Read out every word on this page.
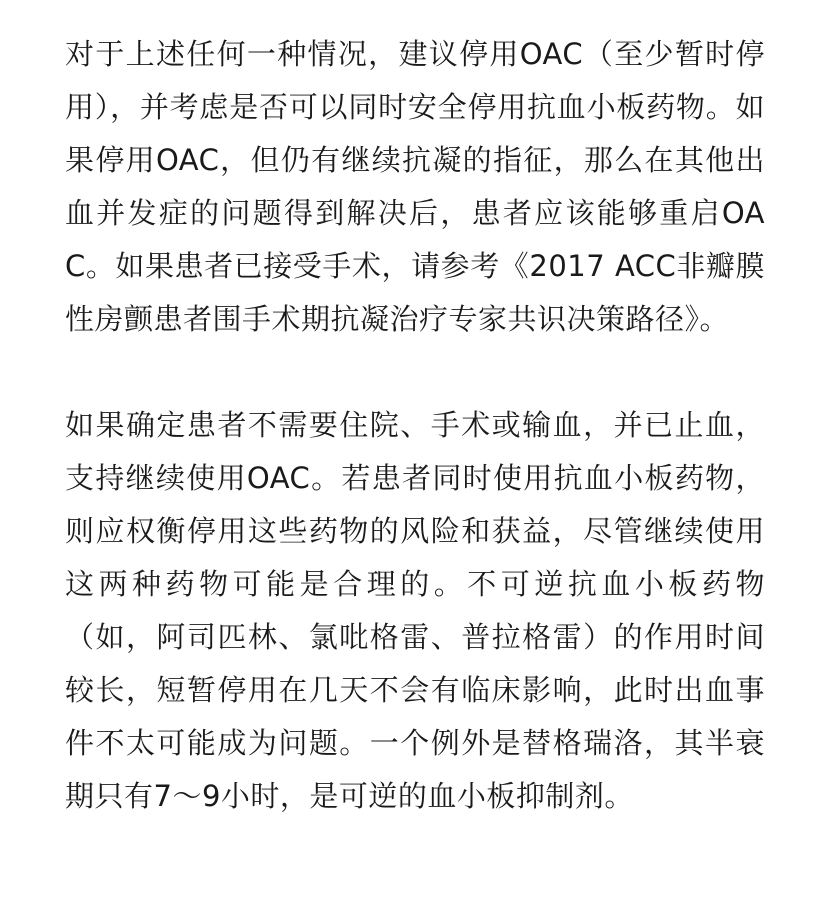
对于上述任何一种情况，建议停用OAC（至少暂时停用），并考虑是否可以同时安全停用抗血小板药物。如果停用OAC，但仍有继续抗凝的指征，那么在其他出血并发症的问题得到解决后，患者应该能够重启OAC。如果患者已接受手术，请参考《2017 ACC非瓣膜性房颤患者围手术期抗凝治疗专家共识决策路径》。

如果确定患者不需要住院、手术或输血，并已止血，支持继续使用OAC。若患者同时使用抗血小板药物，则应权衡停用这些药物的风险和获益，尽管继续使用这两种药物可能是合理的。不可逆抗血小板药物（如，阿司匹林、氯吡格雷、普拉格雷）的作用时间较长，短暂停用在几天不会有临床影响，此时出血事件不太可能成为问题。一个例外是替格瑞洛，其半衰期只有7～9小时，是可逆的血小板抑制剂。
